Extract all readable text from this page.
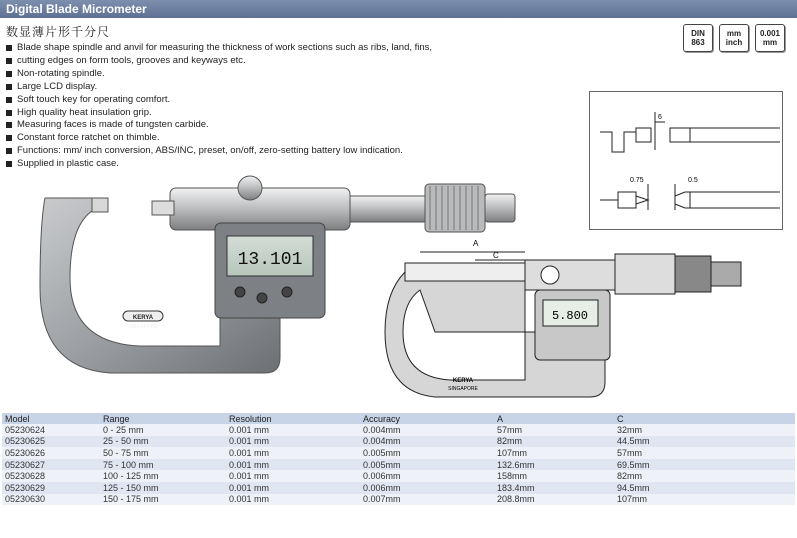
Digital Blade Micrometer
数显薄片形千分尺	DIN
863
mm
inch
0.001
mm
Blade shape spindle and anvil for measuring the thickness of work sections such as ribs, land, fins,
cutting edges on form tools, grooves and keyways etc.
Non-rotating spindle.
Large LCD display.
Soft touch key for operating comfort.
High quality heat insulation grip.
Measuring faces is made of tungsten carbide.
Constant force ratchet on thimble.
Functions: mm/ inch conversion, ABS/INC, preset, on/off, zero-setting battery low indication.
Supplied in plastic case.
13.101
KERYA
SINGAPORE
KT5-230-624
6
0.75	0.5
5.800
A
C
KERYA
SINGAPORE
Model	Range	Resolution	Accuracy	A	C
05230624	0 - 25 mm	0.001 mm	0.004mm	57mm	32mm
05230625	25 - 50 mm	0.001 mm	0.004mm	82mm	44.5mm
05230626	50 - 75 mm	0.001 mm	0.005mm	107mm	57mm
05230627	75 - 100 mm	0.001 mm	0.005mm	132.6mm	69.5mm
05230628	100 - 125 mm	0.001 mm	0.006mm	158mm	82mm
05230629	125 - 150 mm	0.001 mm	0.006mm	183.4mm	94.5mm
05230630	150 - 175 mm	0.001 mm	0.007mm	208.8mm	107mm
